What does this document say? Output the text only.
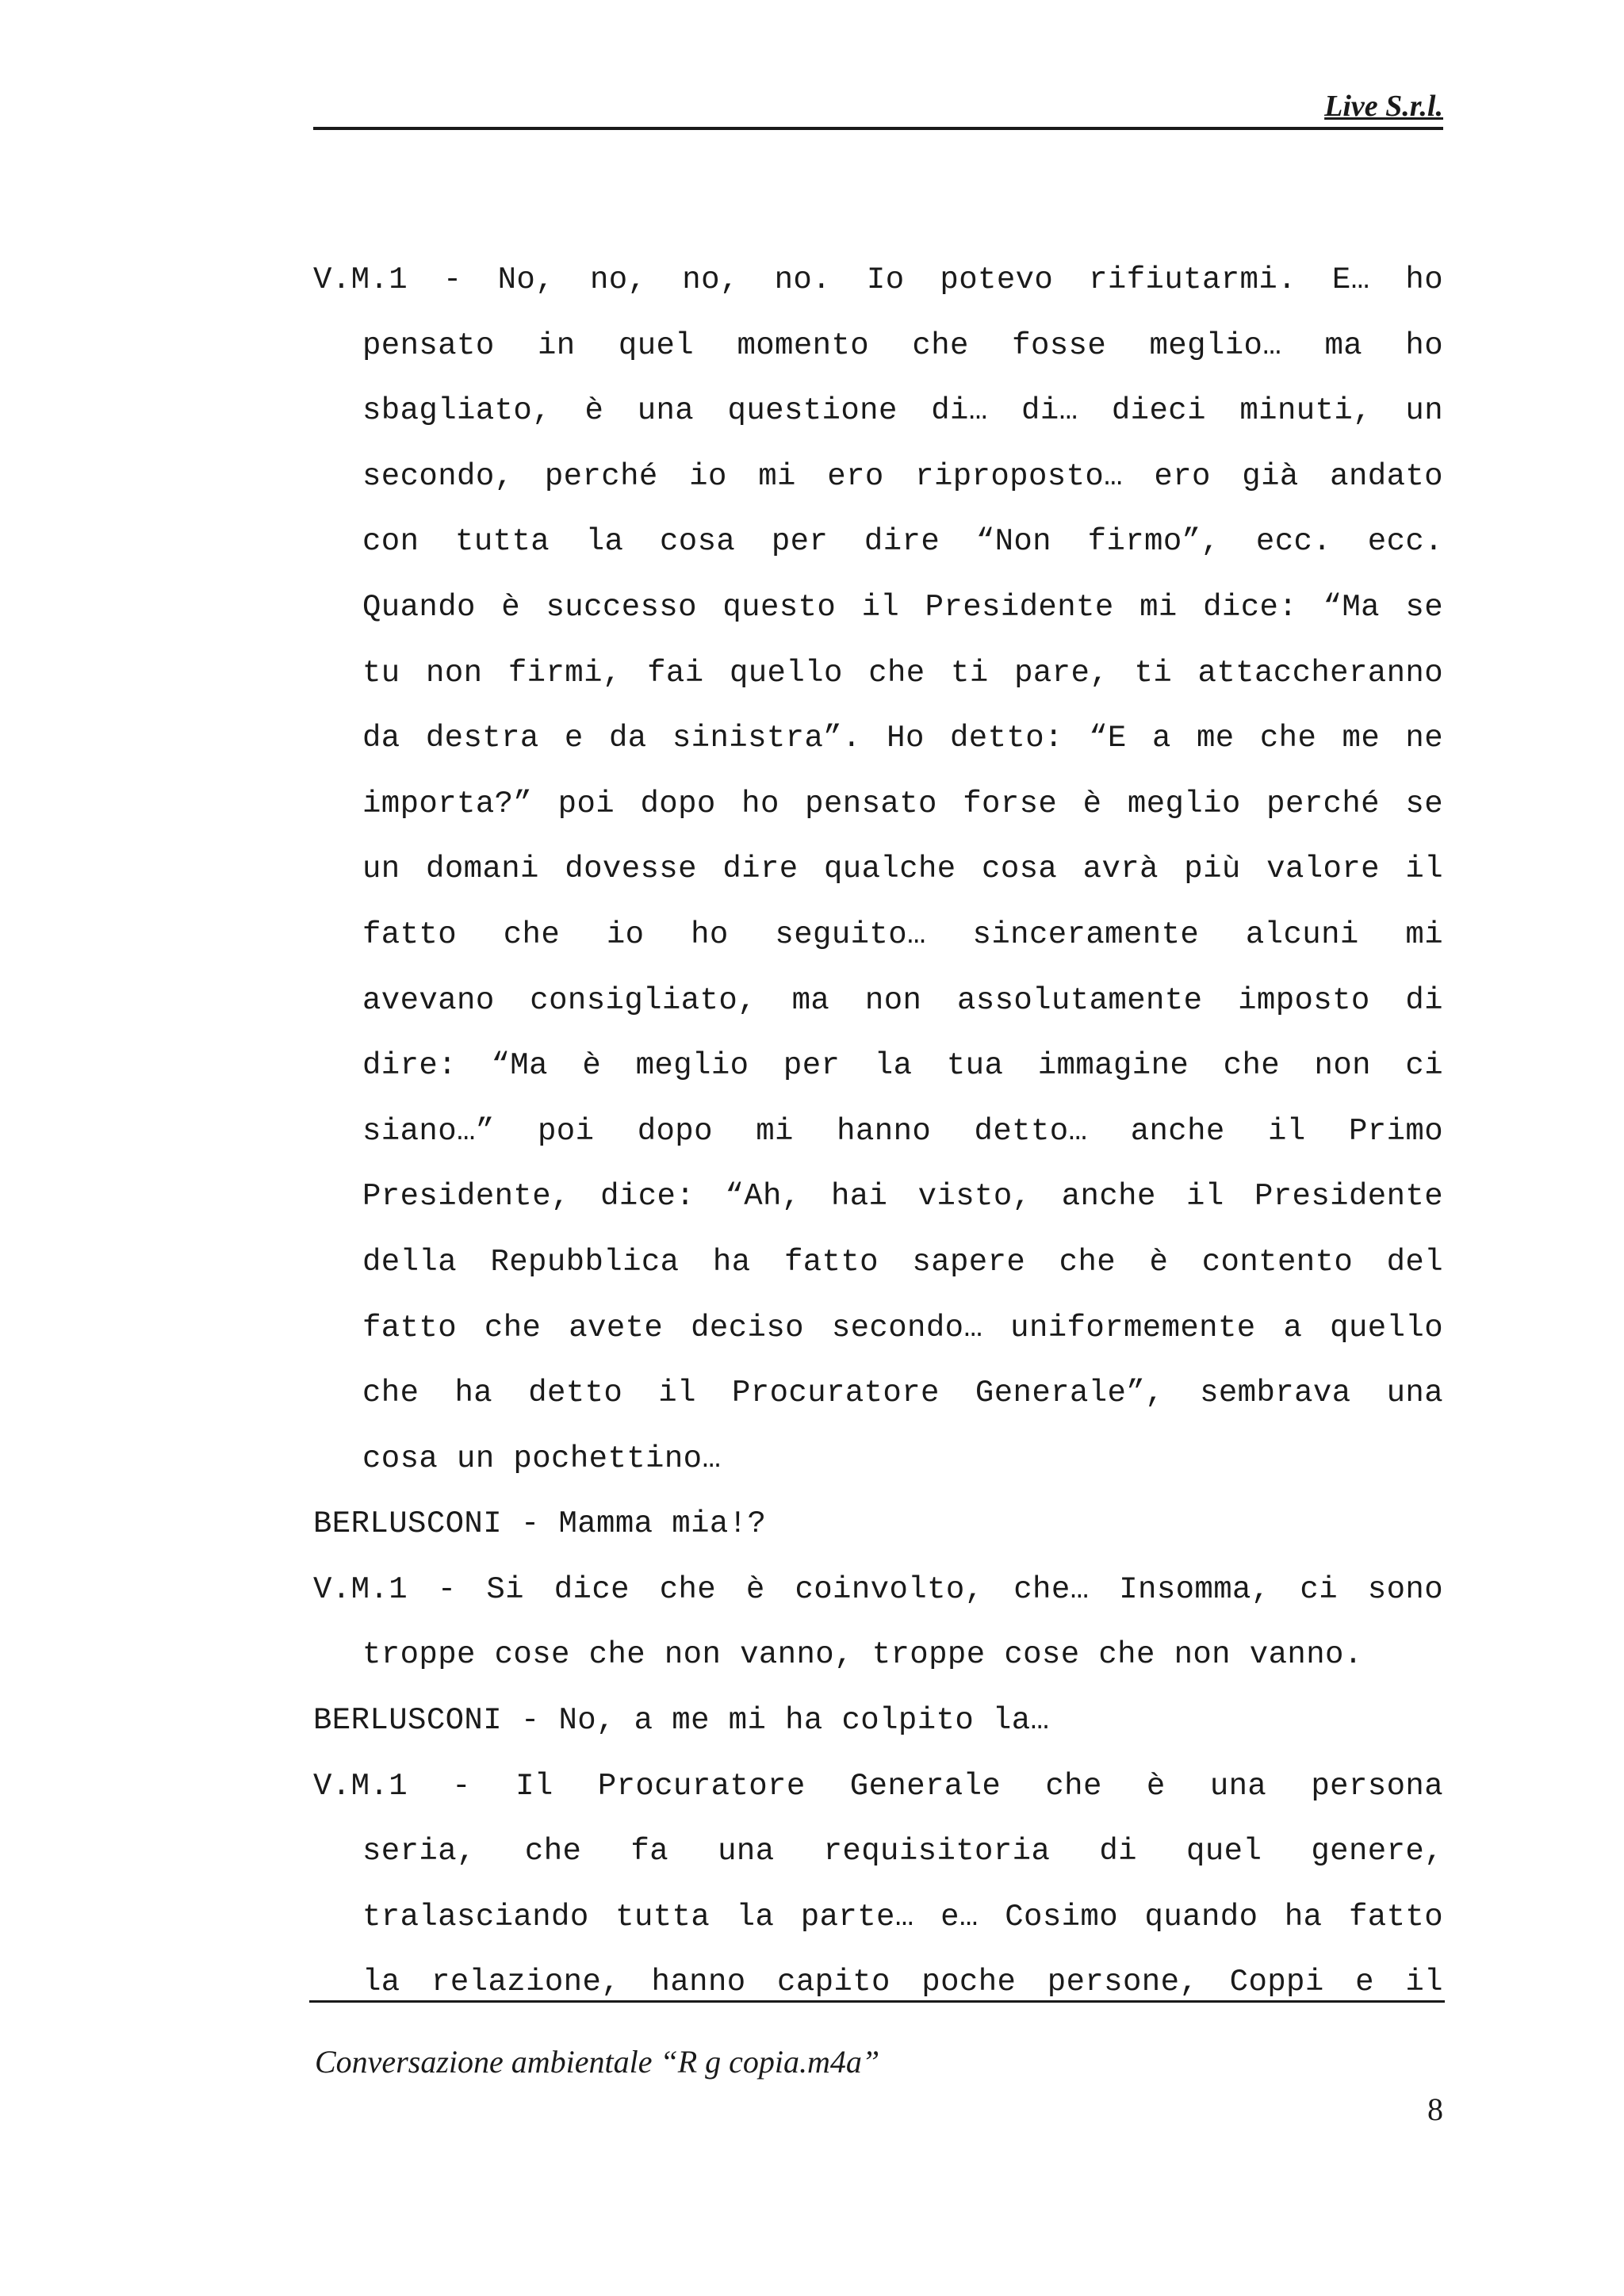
Live S.r.l.
V.M.1 - No, no, no, no. Io potevo rifiutarmi. E… ho
pensato in quel momento che fosse meglio… ma ho
sbagliato, è una questione di… di… dieci minuti, un
secondo, perché io mi ero riproposto… ero già andato
con tutta la cosa per dire “Non firmo”, ecc. ecc.
Quando è successo questo il Presidente mi dice: “Ma se
tu non firmi, fai quello che ti pare, ti attaccheranno
da destra e da sinistra”. Ho detto: “E a me che me ne
importa?” poi dopo ho pensato forse è meglio perché se
un domani dovesse dire qualche cosa avrà più valore il
fatto che io ho seguito… sinceramente alcuni mi
avevano consigliato, ma non assolutamente imposto di
dire: “Ma è meglio per la tua immagine che non ci
siano…” poi dopo mi hanno detto… anche il Primo
Presidente, dice: “Ah, hai visto, anche il Presidente
della Repubblica ha fatto sapere che è contento del
fatto che avete deciso secondo… uniformemente a quello
che ha detto il Procuratore Generale”, sembrava una
cosa un pochettino…
BERLUSCONI - Mamma mia!?
V.M.1 - Si dice che è coinvolto, che… Insomma, ci sono
troppe cose che non vanno, troppe cose che non vanno.
BERLUSCONI - No, a me mi ha colpito la…
V.M.1 - Il Procuratore Generale che è una persona
seria, che fa una requisitoria di quel genere,
tralasciando tutta la parte… e… Cosimo quando ha fatto
la relazione, hanno capito poche persone, Coppi e il
Conversazione ambientale “R g copia.m4a”
8
